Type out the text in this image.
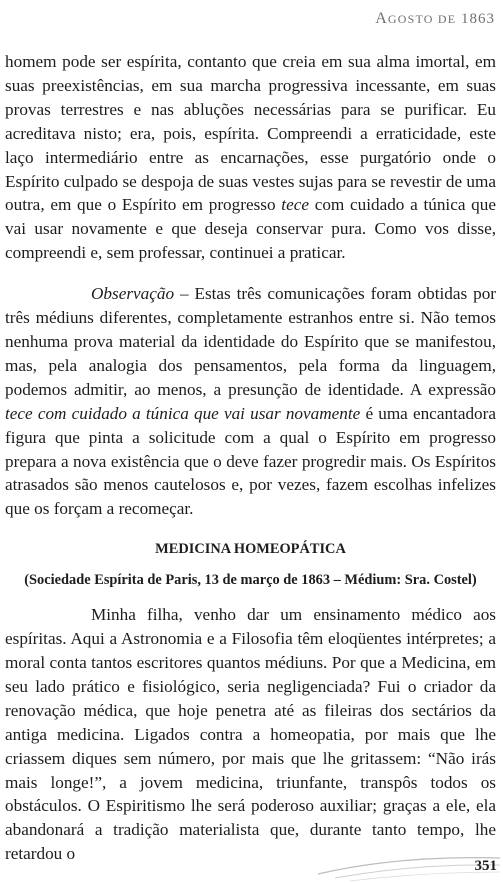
AGOSTO DE 1863

homem pode ser espírita, contanto que creia em sua alma imortal, em suas preexistências, em sua marcha progressiva incessante, em suas provas terrestres e nas abluções necessárias para se purificar. Eu acreditava nisto; era, pois, espírita. Compreendi a erraticidade, este laço intermediário entre as encarnações, esse purgatório onde o Espírito culpado se despoja de suas vestes sujas para se revestir de uma outra, em que o Espírito em progresso tece com cuidado a túnica que vai usar novamente e que deseja conservar pura. Como vos disse, compreendi e, sem professar, continuei a praticar.

Observação – Estas três comunicações foram obtidas por três médiuns diferentes, completamente estranhos entre si. Não temos nenhuma prova material da identidade do Espírito que se manifestou, mas, pela analogia dos pensamentos, pela forma da linguagem, podemos admitir, ao menos, a presunção de identidade. A expressão tece com cuidado a túnica que vai usar novamente é uma encantadora figura que pinta a solicitude com a qual o Espírito em progresso prepara a nova existência que o deve fazer progredir mais. Os Espíritos atrasados são menos cautelosos e, por vezes, fazem escolhas infelizes que os forçam a recomeçar.

MEDICINA HOMEOPÁTICA
(Sociedade Espírita de Paris, 13 de março de 1863 – Médium: Sra. Costel)

Minha filha, venho dar um ensinamento médico aos espíritas. Aqui a Astronomia e a Filosofia têm eloqüentes intérpretes; a moral conta tantos escritores quantos médiuns. Por que a Medicina, em seu lado prático e fisiológico, seria negligenciada? Fui o criador da renovação médica, que hoje penetra até as fileiras dos sectários da antiga medicina. Ligados contra a homeopatia, por mais que lhe criassem diques sem número, por mais que lhe gritassem: “Não irás mais longe!”, a jovem medicina, triunfante, transpôs todos os obstáculos. O Espiritismo lhe será poderoso auxiliar; graças a ele, ela abandonará a tradição materialista que, durante tanto tempo, lhe retardou o

351
